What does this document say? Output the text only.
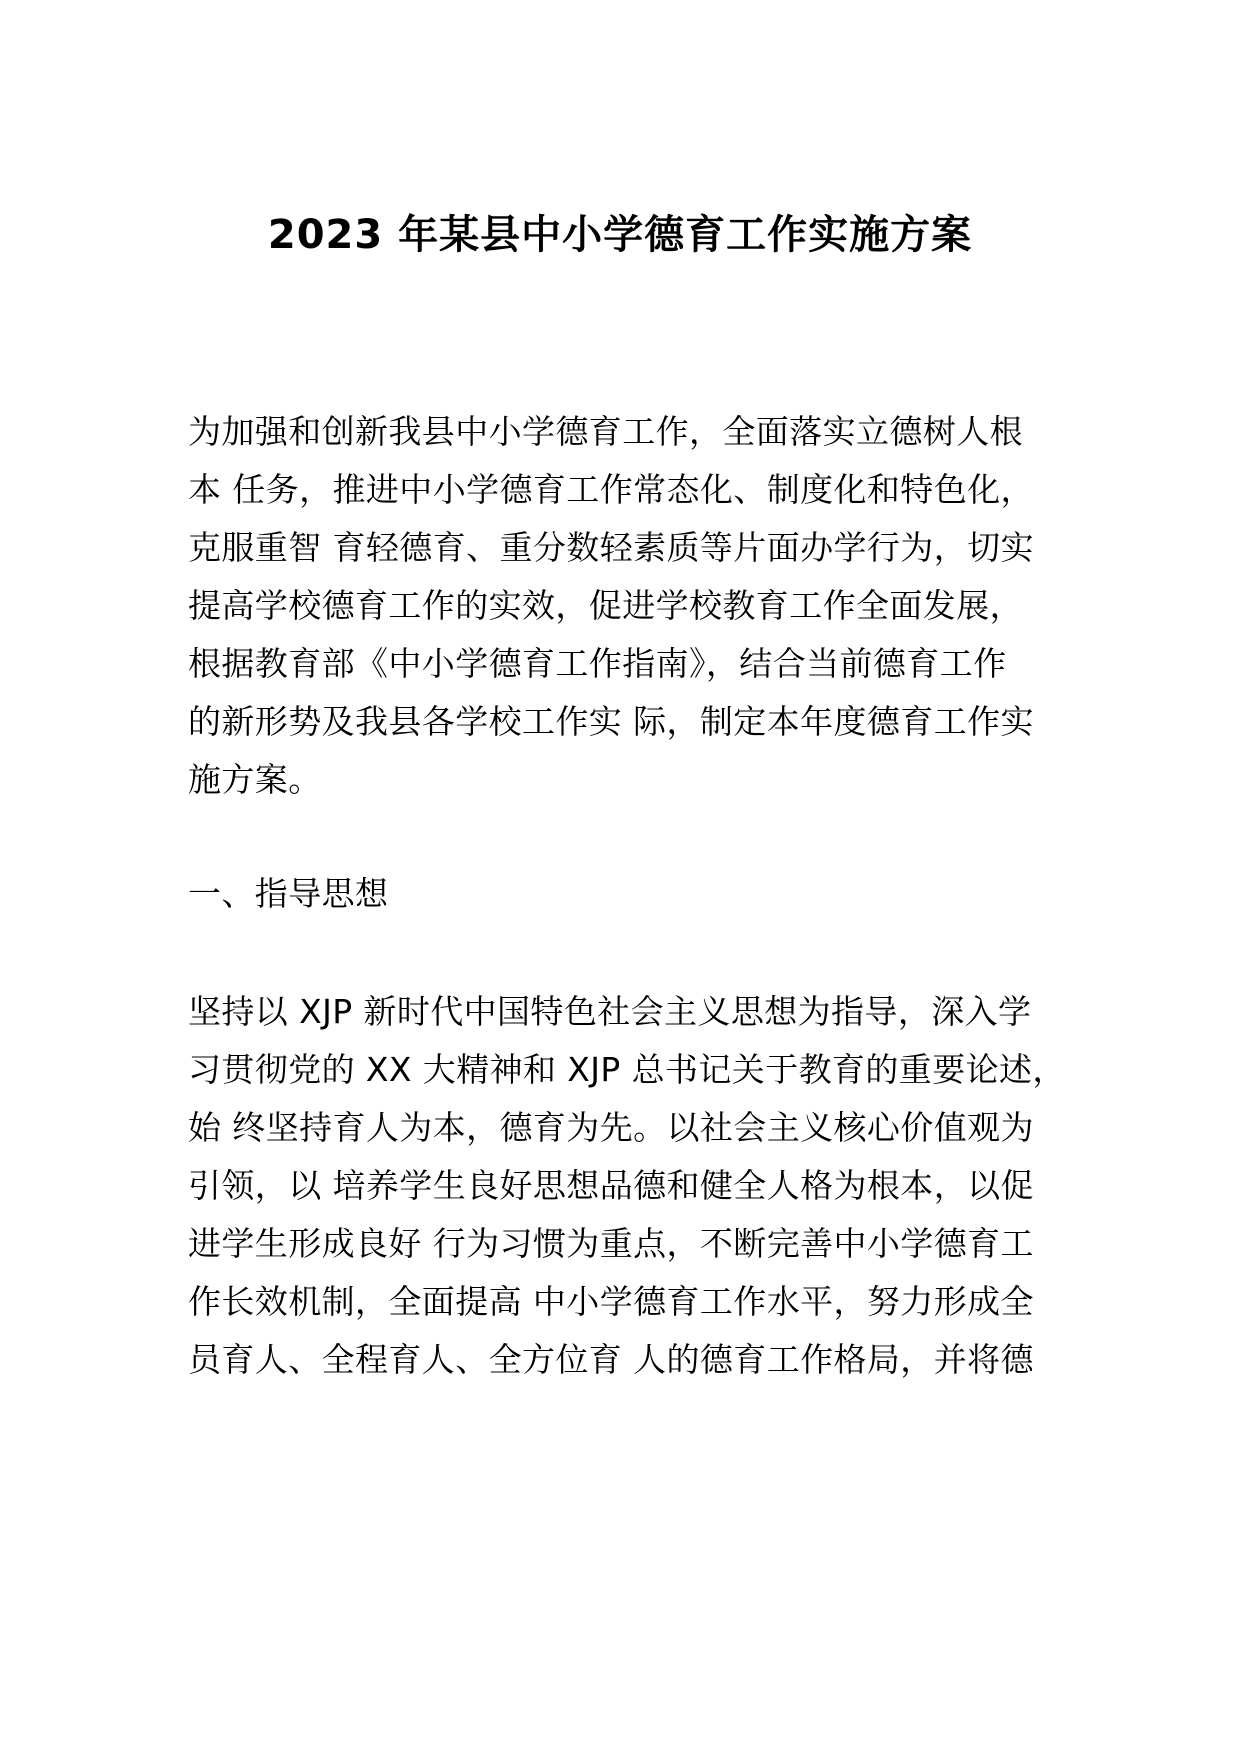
2023 年某县中小学德育工作实施方案

为加强和创新我县中小学德育工作，全面落实立德树人根

本 任务，推进中小学德育工作常态化、制度化和特色化，

克服重智 育轻德育、重分数轻素质等片面办学行为，切实

提高学校德育工作的实效，促进学校教育工作全面发展，

根据教育部《中小学德育工作指南》，结合当前德育工作

的新形势及我县各学校工作实 际，制定本年度德育工作实

施方案。

一、指导思想

坚持以 XJP 新时代中国特色社会主义思想为指导，深入学

习贯彻党的 XX 大精神和 XJP 总书记关于教育的重要论述，

始 终坚持育人为本，德育为先。以社会主义核心价值观为

引领，以 培养学生良好思想品德和健全人格为根本，以促

进学生形成良好 行为习惯为重点，不断完善中小学德育工

作长效机制，全面提高 中小学德育工作水平，努力形成全

员育人、全程育人、全方位育 人的德育工作格局，并将德
